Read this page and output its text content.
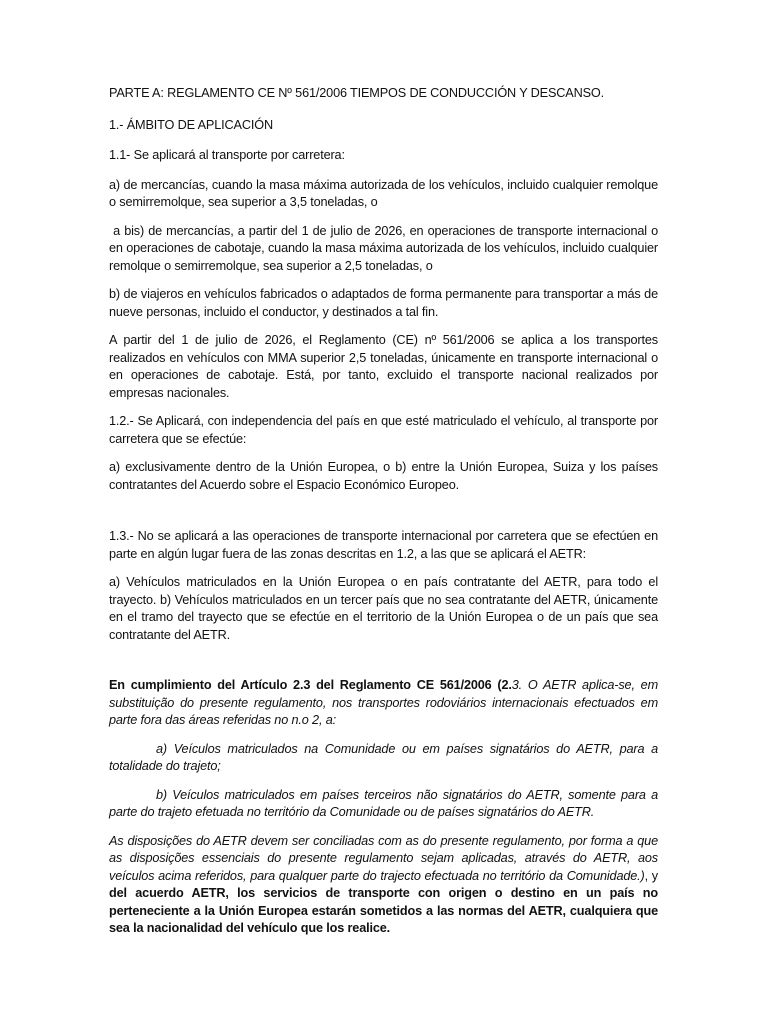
PARTE A: REGLAMENTO CE Nº 561/2006 TIEMPOS DE CONDUCCIÓN Y DESCANSO.

1.- ÁMBITO DE APLICACIÓN

1.1- Se aplicará al transporte por carretera:

a) de mercancías, cuando la masa máxima autorizada de los vehículos, incluido cualquier remolque o semirremolque, sea superior a 3,5 toneladas, o

a bis) de mercancías, a partir del 1 de julio de 2026, en operaciones de transporte internacional o en operaciones de cabotaje, cuando la masa máxima autorizada de los vehículos, incluido cualquier remolque o semirremolque, sea superior a 2,5 toneladas, o

b) de viajeros en vehículos fabricados o adaptados de forma permanente para transportar a más de nueve personas, incluido el conductor, y destinados a tal fin.

A partir del 1 de julio de 2026, el Reglamento (CE) nº 561/2006 se aplica a los transportes realizados en vehículos con MMA superior 2,5 toneladas, únicamente en transporte internacional o en operaciones de cabotaje. Está, por tanto, excluido el transporte nacional realizados por empresas nacionales.

1.2.- Se Aplicará, con independencia del país en que esté matriculado el vehículo, al transporte por carretera que se efectúe:

a) exclusivamente dentro de la Unión Europea, o b) entre la Unión Europea, Suiza y los países contratantes del Acuerdo sobre el Espacio Económico Europeo.

1.3.- No se aplicará a las operaciones de transporte internacional por carretera que se efectúen en parte en algún lugar fuera de las zonas descritas en 1.2, a las que se aplicará el AETR:

a) Vehículos matriculados en la Unión Europea o en país contratante del AETR, para todo el trayecto. b) Vehículos matriculados en un tercer país que no sea contratante del AETR, únicamente en el tramo del trayecto que se efectúe en el territorio de la Unión Europea o de un país que sea contratante del AETR.

En cumplimiento del Artículo 2.3 del Reglamento CE 561/2006 (2.3. O AETR aplica-se, em substituição do presente regulamento, nos transportes rodoviários internacionais efectuados em parte fora das áreas referidas no n.o 2, a:

a) Veículos matriculados na Comunidade ou em países signatários do AETR, para a totalidade do trajeto;

b) Veículos matriculados em países terceiros não signatários do AETR, somente para a parte do trajeto efetuada no território da Comunidade ou de países signatários do AETR.

As disposições do AETR devem ser conciliadas com as do presente regulamento, por forma a que as disposições essenciais do presente regulamento sejam aplicadas, através do AETR, aos veículos acima referidos, para qualquer parte do trajecto efectuada no território da Comunidade.), y del acuerdo AETR, los servicios de transporte con origen o destino en un país no perteneciente a la Unión Europea estarán sometidos a las normas del AETR, cualquiera que sea la nacionalidad del vehículo que los realice.
